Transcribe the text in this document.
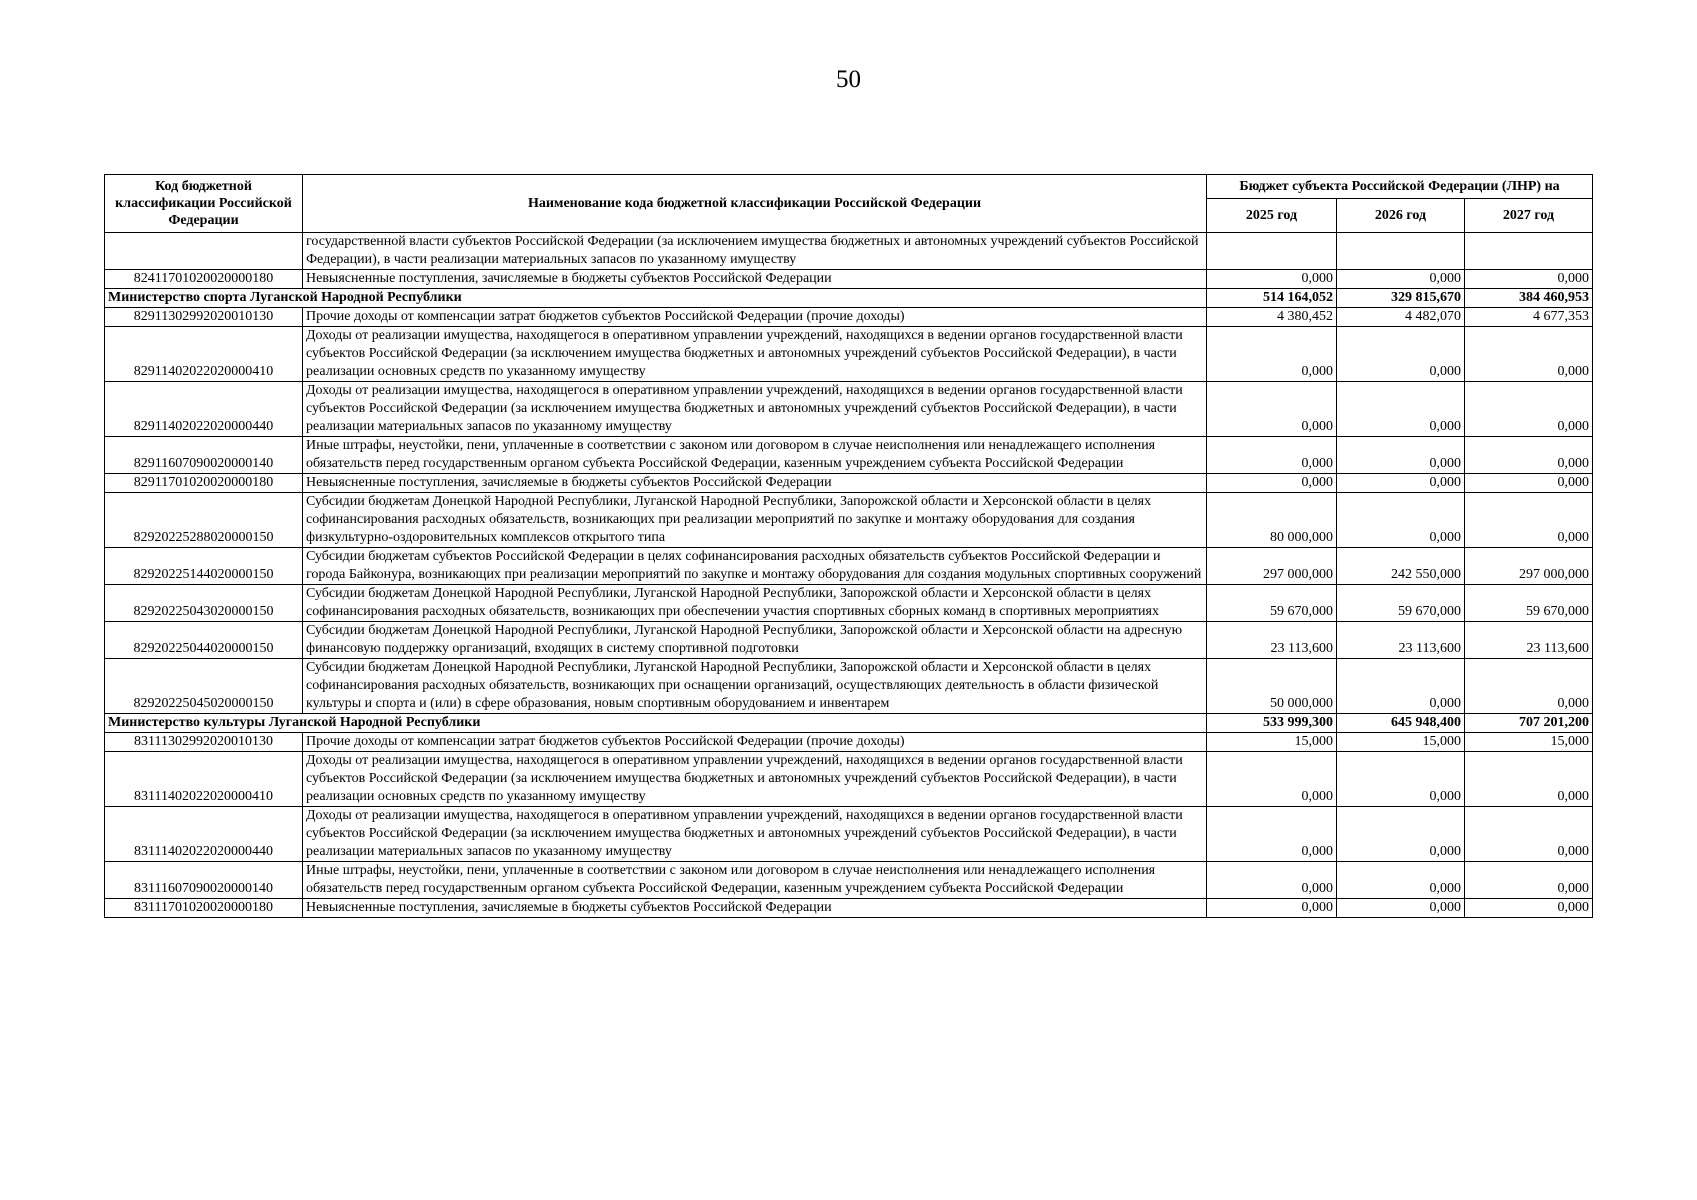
50
Код бюджетной классификации Российской Федерации	Наименование кода бюджетной классификации Российской Федерации	Бюджет субъекта Российской Федерации (ЛНР) на		
		2025 год	2026 год	2027 год
	государственной власти субъектов Российской Федерации (за исключением имущества бюджетных и автономных учреждений субъектов Российской Федерации), в части реализации материальных запасов по указанному имуществу			
82411701020020000180	Невыясненные поступления, зачисляемые в бюджеты субъектов Российской Федерации	0,000	0,000	0,000
Министерство спорта Луганской Народной Республики		514 164,052	329 815,670	384 460,953
82911302992020010130	Прочие доходы от компенсации затрат бюджетов субъектов Российской Федерации (прочие доходы)	4 380,452	4 482,070	4 677,353
82911402022020000410	Доходы от реализации имущества, находящегося в оперативном управлении учреждений, находящихся в ведении органов государственной власти субъектов Российской Федерации (за исключением имущества бюджетных и автономных учреждений субъектов Российской Федерации), в части реализации основных средств по указанному имуществу	0,000	0,000	0,000
82911402022020000440	Доходы от реализации имущества, находящегося в оперативном управлении учреждений, находящихся в ведении органов государственной власти субъектов Российской Федерации (за исключением имущества бюджетных и автономных учреждений субъектов Российской Федерации), в части реализации материальных запасов по указанному имуществу	0,000	0,000	0,000
82911607090020000140	Иные штрафы, неустойки, пени, уплаченные в соответствии с законом или договором в случае неисполнения или ненадлежащего исполнения обязательств перед государственным органом субъекта Российской Федерации, казенным учреждением субъекта Российской Федерации	0,000	0,000	0,000
82911701020020000180	Невыясненные поступления, зачисляемые в бюджеты субъектов Российской Федерации	0,000	0,000	0,000
82920225288020000150	Субсидии бюджетам Донецкой Народной Республики, Луганской Народной Республики, Запорожской области и Херсонской области в целях софинансирования расходных обязательств, возникающих при реализации мероприятий по закупке и монтажу оборудования для создания физкультурно-оздоровительных комплексов открытого типа	80 000,000	0,000	0,000
82920225144020000150	Субсидии бюджетам субъектов Российской Федерации в целях софинансирования расходных обязательств субъектов Российской Федерации и города Байконура, возникающих при реализации мероприятий по закупке и монтажу оборудования для создания модульных спортивных сооружений	297 000,000	242 550,000	297 000,000
82920225043020000150	Субсидии бюджетам Донецкой Народной Республики, Луганской Народной Республики, Запорожской области и Херсонской области в целях софинансирования расходных обязательств, возникающих при обеспечении участия спортивных сборных команд в спортивных мероприятиях	59 670,000	59 670,000	59 670,000
82920225044020000150	Субсидии бюджетам Донецкой Народной Республики, Луганской Народной Республики, Запорожской области и Херсонской области на адресную финансовую поддержку организаций, входящих в систему спортивной подготовки	23 113,600	23 113,600	23 113,600
82920225045020000150	Субсидии бюджетам Донецкой Народной Республики, Луганской Народной Республики, Запорожской области и Херсонской области в целях софинансирования расходных обязательств, возникающих при оснащении организаций, осуществляющих деятельность в области физической культуры и спорта и (или) в сфере образования, новым спортивным оборудованием и инвентарем	50 000,000	0,000	0,000
Министерство культуры Луганской Народной Республики		533 999,300	645 948,400	707 201,200
83111302992020010130	Прочие доходы от компенсации затрат бюджетов субъектов Российской Федерации (прочие доходы)	15,000	15,000	15,000
83111402022020000410	Доходы от реализации имущества, находящегося в оперативном управлении учреждений, находящихся в ведении органов государственной власти субъектов Российской Федерации (за исключением имущества бюджетных и автономных учреждений субъектов Российской Федерации), в части реализации основных средств по указанному имуществу	0,000	0,000	0,000
83111402022020000440	Доходы от реализации имущества, находящегося в оперативном управлении учреждений, находящихся в ведении органов государственной власти субъектов Российской Федерации (за исключением имущества бюджетных и автономных учреждений субъектов Российской Федерации), в части реализации материальных запасов по указанному имуществу	0,000	0,000	0,000
83111607090020000140	Иные штрафы, неустойки, пени, уплаченные в соответствии с законом или договором в случае неисполнения или ненадлежащего исполнения обязательств перед государственным органом субъекта Российской Федерации, казенным учреждением субъекта Российской Федерации	0,000	0,000	0,000
83111701020020000180	Невыясненные поступления, зачисляемые в бюджеты субъектов Российской Федерации	0,000	0,000	0,000
